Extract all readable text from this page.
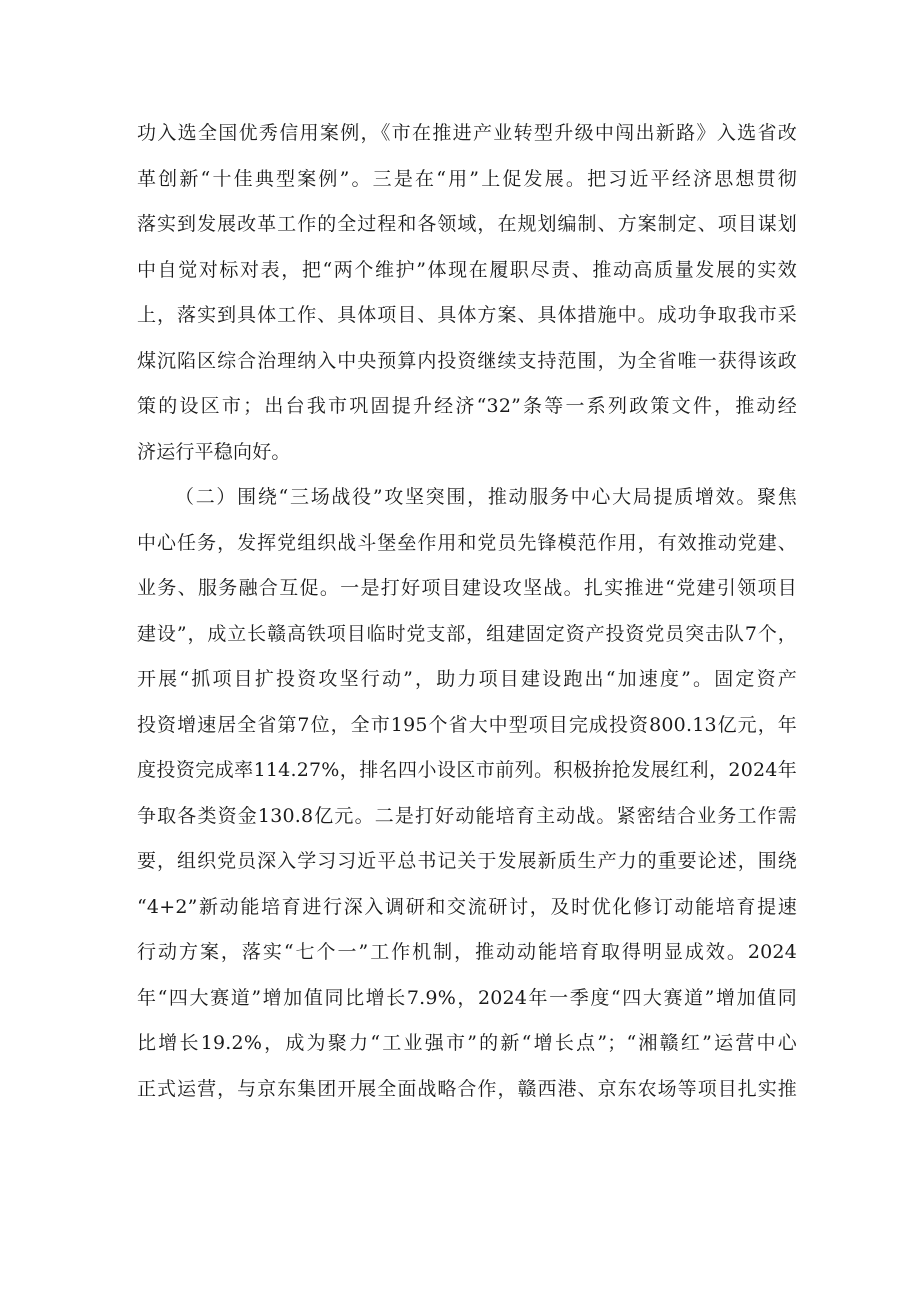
功入选全国优秀信用案例，《市在推进产业转型升级中闯出新路》入选省改
革创新“十佳典型案例”。三是在“用”上促发展。把习近平经济思想贯彻
落实到发展改革工作的全过程和各领域，在规划编制、方案制定、项目谋划
中自觉对标对表，把“两个维护”体现在履职尽责、推动高质量发展的实效
上，落实到具体工作、具体项目、具体方案、具体措施中。成功争取我市采
煤沉陷区综合治理纳入中央预算内投资继续支持范围，为全省唯一获得该政
策的设区市；出台我市巩固提升经济“32”条等一系列政策文件，推动经
济运行平稳向好。
（二）围绕“三场战役”攻坚突围，推动服务中心大局提质增效。聚焦
中心任务，发挥党组织战斗堡垒作用和党员先锋模范作用，有效推动党建、
业务、服务融合互促。一是打好项目建设攻坚战。扎实推进“党建引领项目
建设”，成立长赣高铁项目临时党支部，组建固定资产投资党员突击队7个，
开展“抓项目扩投资攻坚行动”，助力项目建设跑出“加速度”。固定资产
投资增速居全省第7位，全市195个省大中型项目完成投资800.13亿元，年
度投资完成率114.27%，排名四小设区市前列。积极拚抢发展红利，2024年
争取各类资金130.8亿元。二是打好动能培育主动战。紧密结合业务工作需
要，组织党员深入学习习近平总书记关于发展新质生产力的重要论述，围绕
“4+2”新动能培育进行深入调研和交流研讨，及时优化修订动能培育提速
行动方案，落实“七个一”工作机制，推动动能培育取得明显成效。2024
年“四大赛道”增加值同比增长7.9%，2024年一季度“四大赛道”增加值同
比增长19.2%，成为聚力“工业强市”的新“增长点”；“湘赣红”运营中心
正式运营，与京东集团开展全面战略合作，赣西港、京东农场等项目扎实推
